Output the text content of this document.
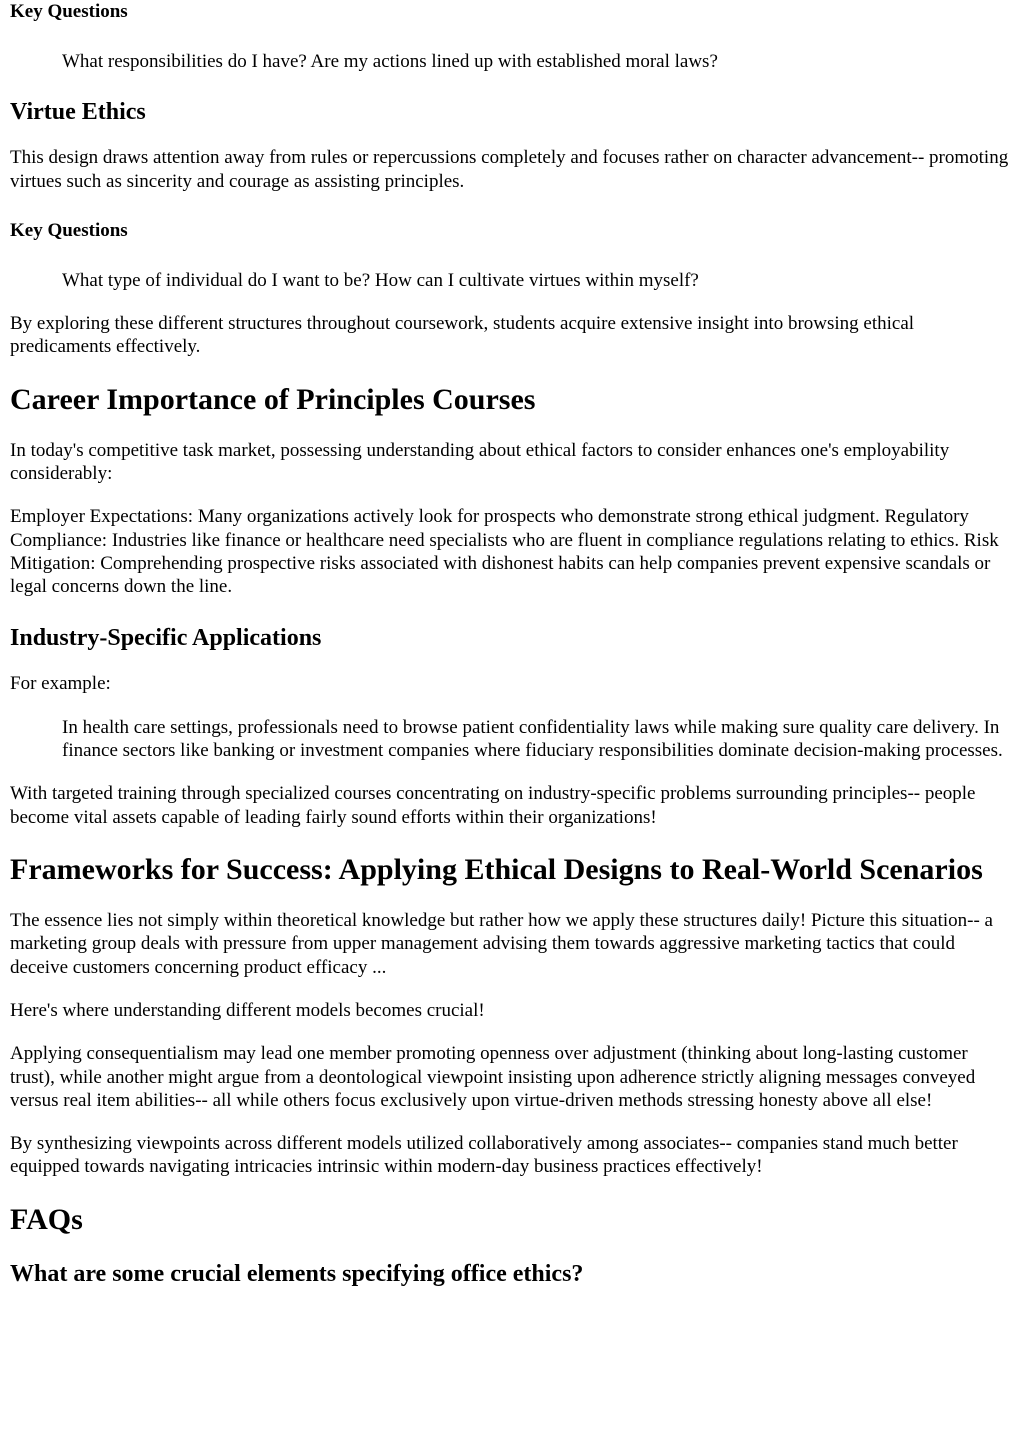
Key Questions
What responsibilities do I have? Are my actions lined up with established moral laws?
Virtue Ethics

This design draws attention away from rules or repercussions completely and focuses rather on character advancement-- promoting virtues such as sincerity and courage as assisting principles.

Key Questions
What type of individual do I want to be? How can I cultivate virtues within myself?

By exploring these different structures throughout coursework, students acquire extensive insight into browsing ethical predicaments effectively.

Career Importance of Principles Courses

In today's competitive task market, possessing understanding about ethical factors to consider enhances one's employability considerably:

Employer Expectations: Many organizations actively look for prospects who demonstrate strong ethical judgment. Regulatory Compliance: Industries like finance or healthcare need specialists who are fluent in compliance regulations relating to ethics. Risk Mitigation: Comprehending prospective risks associated with dishonest habits can help companies prevent expensive scandals or legal concerns down the line.

Industry-Specific Applications

For example:

In health care settings, professionals need to browse patient confidentiality laws while making sure quality care delivery. In finance sectors like banking or investment companies where fiduciary responsibilities dominate decision-making processes.

With targeted training through specialized courses concentrating on industry-specific problems surrounding principles-- people become vital assets capable of leading fairly sound efforts within their organizations!

Frameworks for Success: Applying Ethical Designs to Real-World Scenarios

The essence lies not simply within theoretical knowledge but rather how we apply these structures daily! Picture this situation-- a marketing group deals with pressure from upper management advising them towards aggressive marketing tactics that could deceive customers concerning product efficacy ...

Here's where understanding different models becomes crucial!

Applying consequentialism may lead one member promoting openness over adjustment (thinking about long-lasting customer trust), while another might argue from a deontological viewpoint insisting upon adherence strictly aligning messages conveyed versus real item abilities-- all while others focus exclusively upon virtue-driven methods stressing honesty above all else!

By synthesizing viewpoints across different models utilized collaboratively among associates-- companies stand much better equipped towards navigating intricacies intrinsic within modern-day business practices effectively!

FAQs
What are some crucial elements specifying office ethics?
